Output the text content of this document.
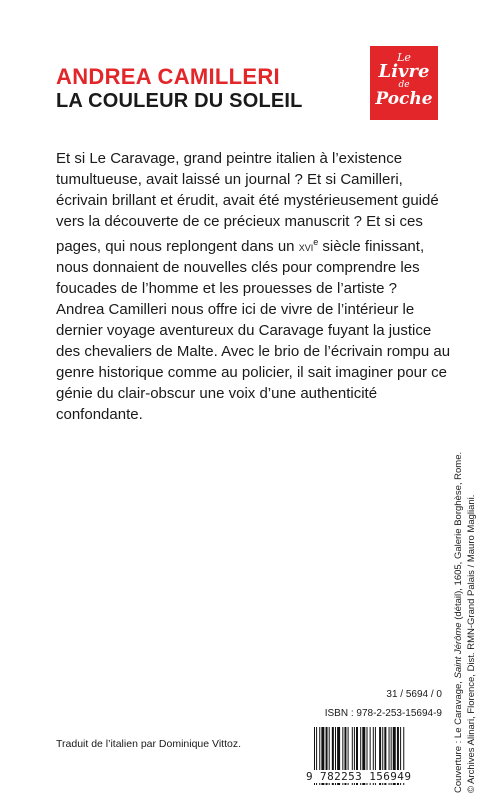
ANDREA CAMILLERI
LA COULEUR DU SOLEIL
Le
Livre
de
Poche

Et si Le Caravage, grand peintre italien à l’existence tumultueuse, avait laissé un journal ? Et si Camilleri, écrivain brillant et érudit, avait été mystérieusement guidé vers la découverte de ce précieux manuscrit ? Et si ces pages, qui nous replongent dans un xvi$^e$ siècle finissant, nous donnaient de nouvelles clés pour comprendre les foucades de l’homme et les prouesses de l’artiste ?

Andrea Camilleri nous offre ici de vivre de l’intérieur le dernier voyage aventureux du Caravage fuyant la justice des chevaliers de Malte. Avec le brio de l’écrivain rompu au genre historique comme au policier, il sait imaginer pour ce génie du clair-obscur une voix d’une authenticité confondante.

Couverture : Le Caravage, Saint Jérôme (détail), 1605, Galerie Borghèse, Rome. © Archives Alinari, Florence, Dist. RMN-Grand Palais / Mauro Magliani.
31 / 5694 / 0
ISBN : 978-2-253-15694-9
Traduit de l’italien par Dominique Vittoz.
9 782253 156949
